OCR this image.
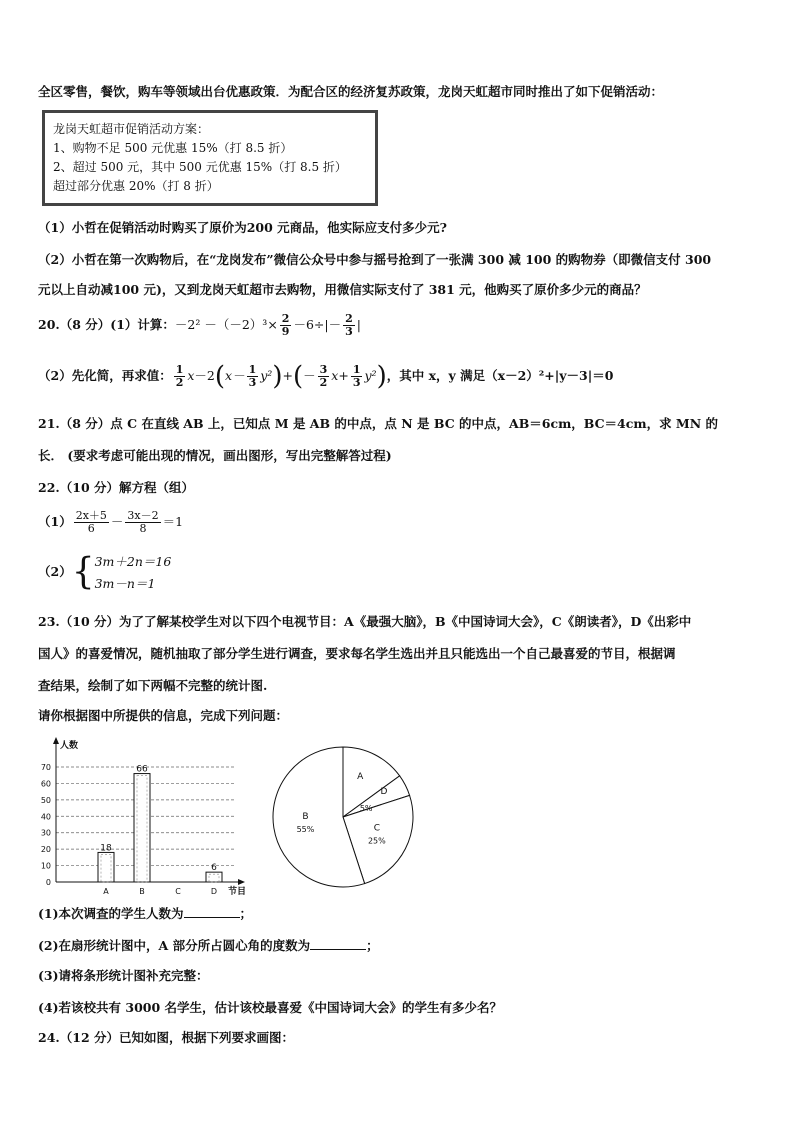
全区零售，餐饮，购车等领域出台优惠政策．为配合区的经济复苏政策，龙岗天虹超市同时推出了如下促销活动：
龙岗天虹超市促销活动方案：
1、购物不足 500 元优惠 15%（打 8.5 折）
2、超过 500 元，其中 500 元优惠 15%（打 8.5 折）
超过部分优惠 20%（打 8 折）
（1）小哲在促销活动时购买了原价为200 元商品，他实际应支付多少元?
（2）小哲在第一次购物后，在“龙岗发布”微信公众号中参与摇号抢到了一张满 300 减 100 的购物券（即微信支付 300
元以上自动减100 元)，又到龙岗天虹超市去购物，用微信实际支付了 381 元，他购买了原价多少元的商品？
20.（8 分）(1）计算：$-2^2 -(-2)^3\times \frac{2}{9} -6\div|- \frac{2}{3}$ |
（2）先化简，再求值： $\frac{1}{2} x-2(x- \frac{1}{3} y^2)+(- \frac{3}{2} x+ \frac{1}{3} y^2)$，其中 x，y 满足（x－2）²+|y－3|＝0
21.（8 分）点 C 在直线 AB 上，已知点 M 是 AB 的中点，点 N 是 BC 的中点，AB＝6cm，BC＝4cm，求 MN 的
长． (要求考虑可能出现的情况，画出图形，写出完整解答过程)
22.（10 分）解方程（组）
$(1) \frac{2x+5}{6} - \frac{3x-2}{8} =1$
（2）{ 3m＋2n＝16
3m－n＝1
23.（10 分）为了了解某校学生对以下四个电视节目：A《最强大脑》，B《中国诗词大会》，C《朗读者》，D《出彩中
国人》的喜爱情况，随机抽取了部分学生进行调查，要求每名学生选出并且只能选出一个自己最喜爱的节目，根据调
查结果，绘制了如下两幅不完整的统计图.
请你根据图中所提供的信息，完成下列问题：
0
10
20
30
40
50
60
70
人数
节目
18
A
66
B	C
6
D
A
B
55%	C
25%
D
5%
(1)本次调查的学生人数为	；
(2)在扇形统计图中，A 部分所占圆心角的度数为	；
(3)请将条形统计图补充完整：
(4)若该校共有 3000 名学生，估计该校最喜爱《中国诗词大会》的学生有多少名？
24.（12 分）已知如图，根据下列要求画图：
